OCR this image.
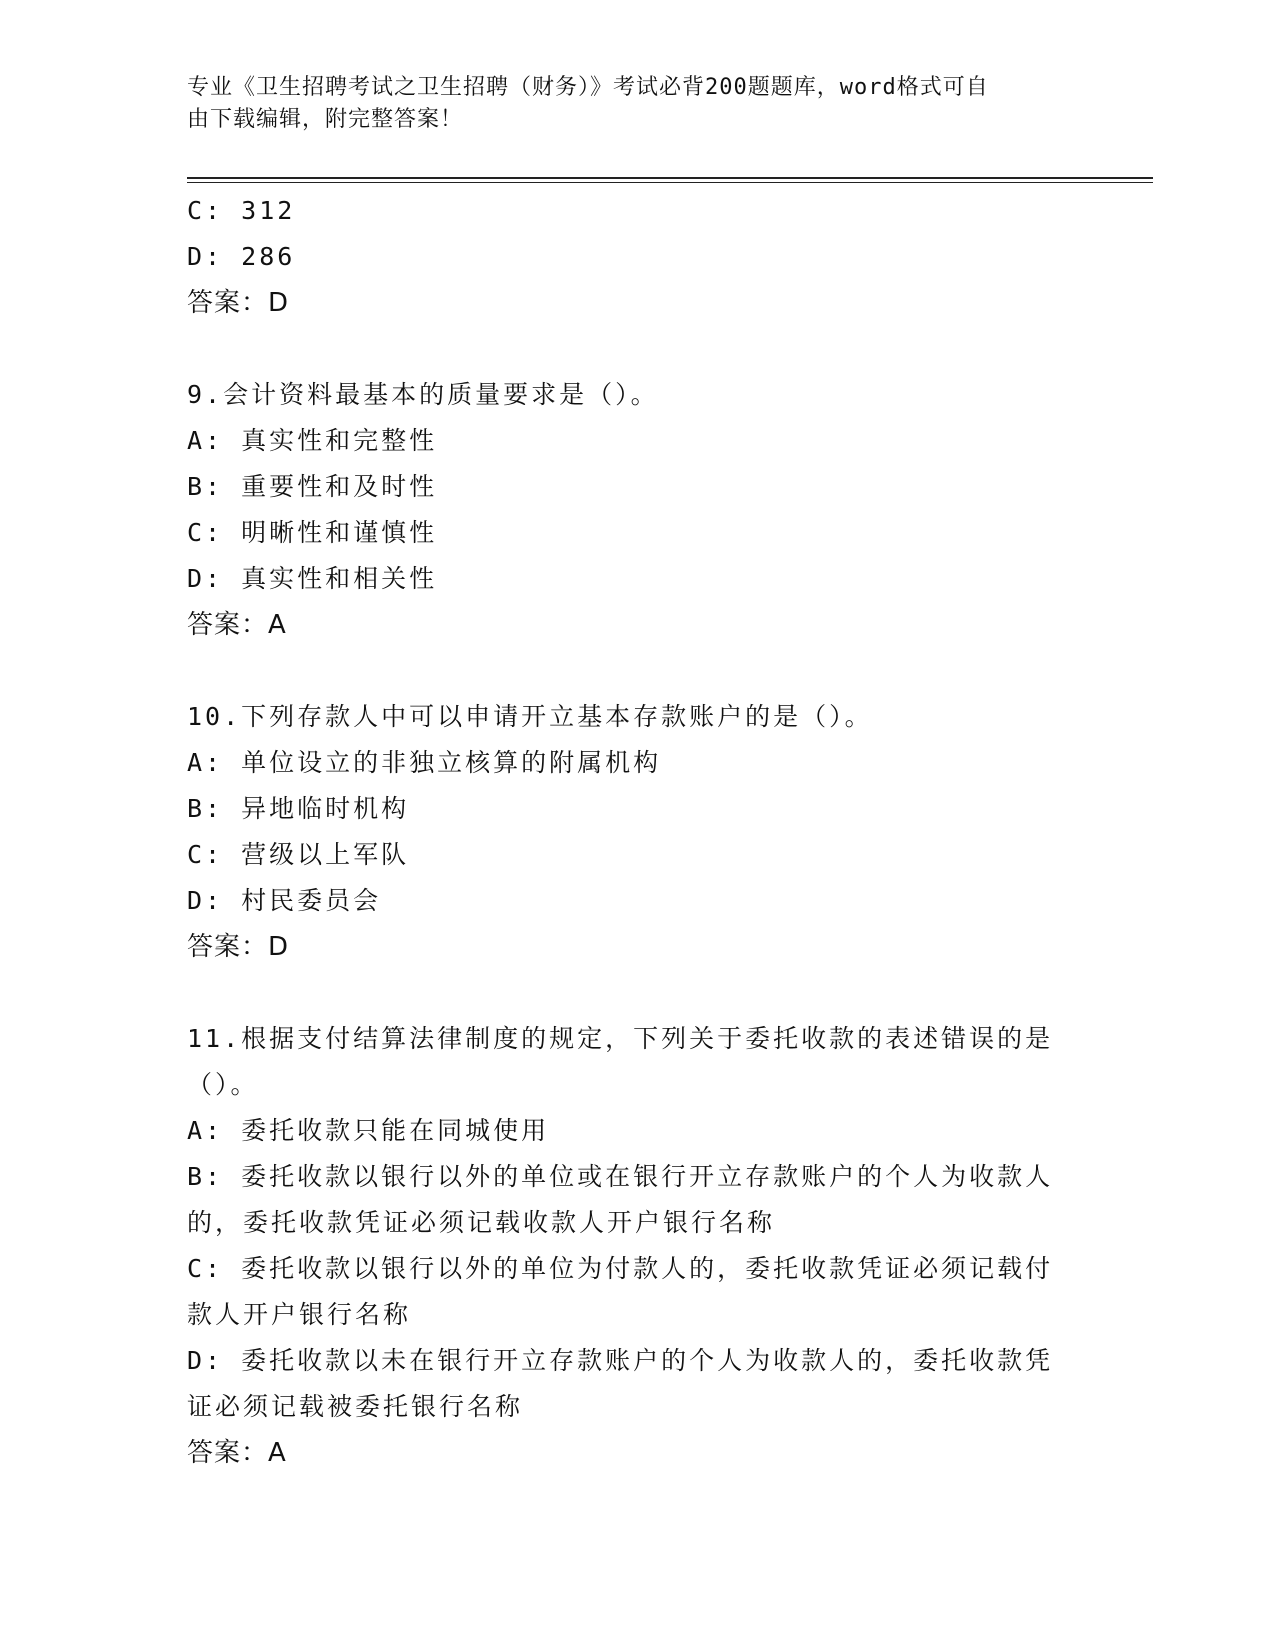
专业《卫生招聘考试之卫生招聘（财务）》考试必背200题题库，word格式可自
由下载编辑，附完整答案！
C: 312
D: 286
答案：D
9.会计资料最基本的质量要求是（）。
A: 真实性和完整性
B: 重要性和及时性
C: 明晰性和谨慎性
D: 真实性和相关性
答案：A
10.下列存款人中可以申请开立基本存款账户的是（）。
A: 单位设立的非独立核算的附属机构
B: 异地临时机构
C: 营级以上军队
D: 村民委员会
答案：D
11.根据支付结算法律制度的规定，下列关于委托收款的表述错误的是
（）。
A: 委托收款只能在同城使用
B: 委托收款以银行以外的单位或在银行开立存款账户的个人为收款人
的，委托收款凭证必须记载收款人开户银行名称
C: 委托收款以银行以外的单位为付款人的，委托收款凭证必须记载付
款人开户银行名称
D: 委托收款以未在银行开立存款账户的个人为收款人的，委托收款凭
证必须记载被委托银行名称
答案：A
